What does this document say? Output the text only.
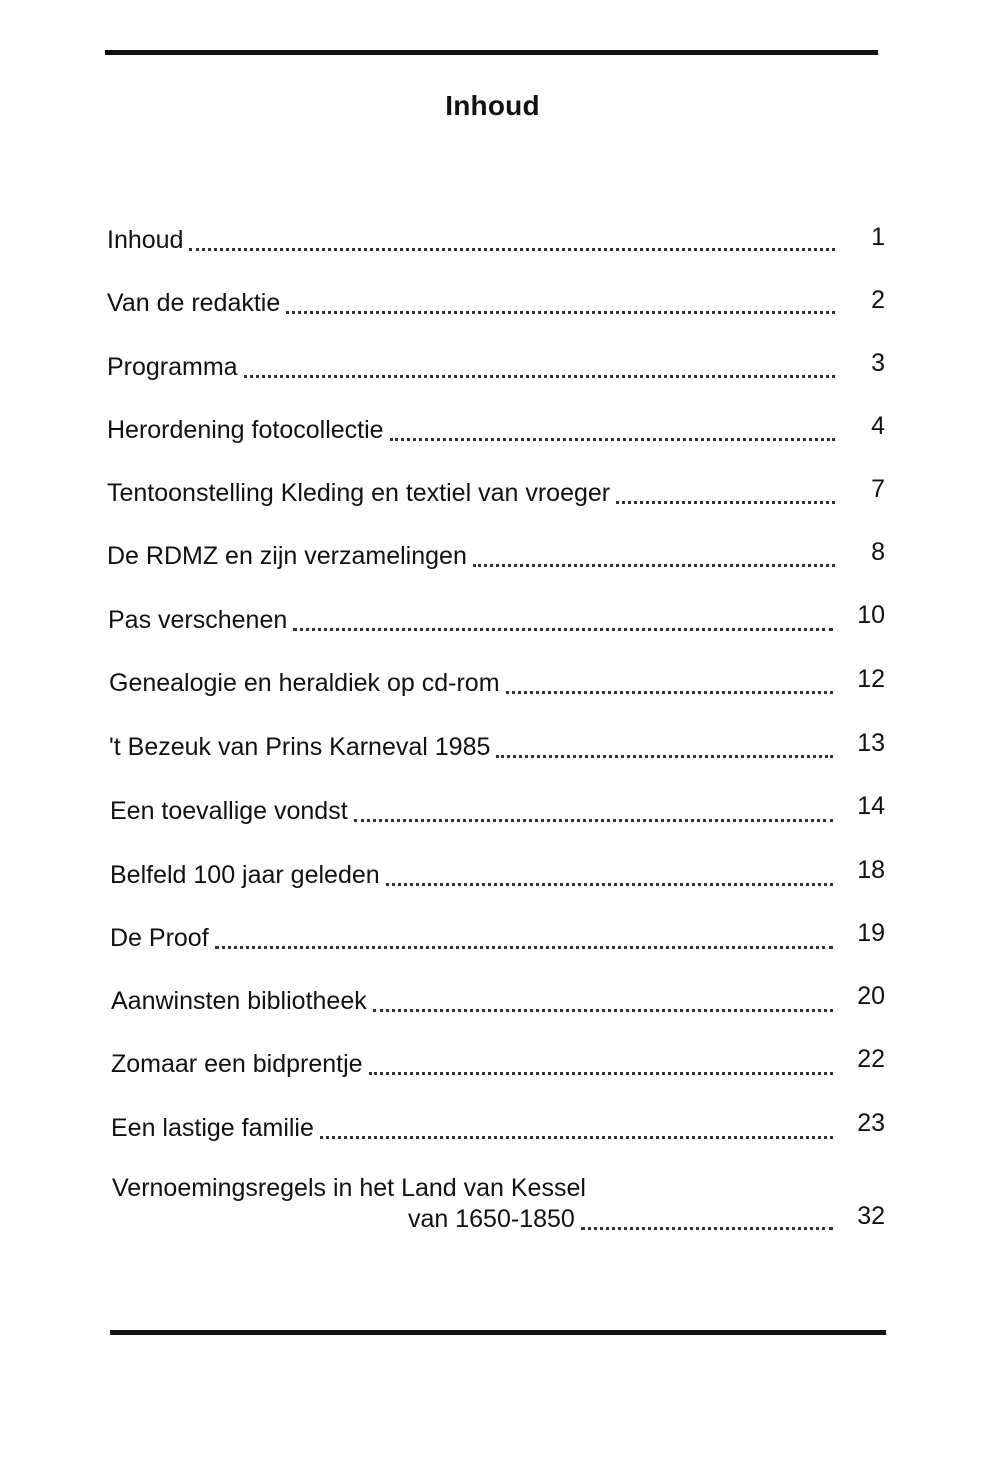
Inhoud
Inhoud	1
Van de redaktie	2
Programma	3
Herordening fotocollectie	4
Tentoonstelling Kleding en textiel van vroeger	7
De RDMZ en zijn verzamelingen	8
Pas verschenen	10
Genealogie en heraldiek op cd-rom	12
't Bezeuk van Prins Karneval 1985	13
Een toevallige vondst	14
Belfeld 100 jaar geleden	18
De Proof	19
Aanwinsten bibliotheek	20
Zomaar een bidprentje	22
Een lastige familie	23
Vernoemingsregels in het Land van Kessel
van 1650-1850	32
